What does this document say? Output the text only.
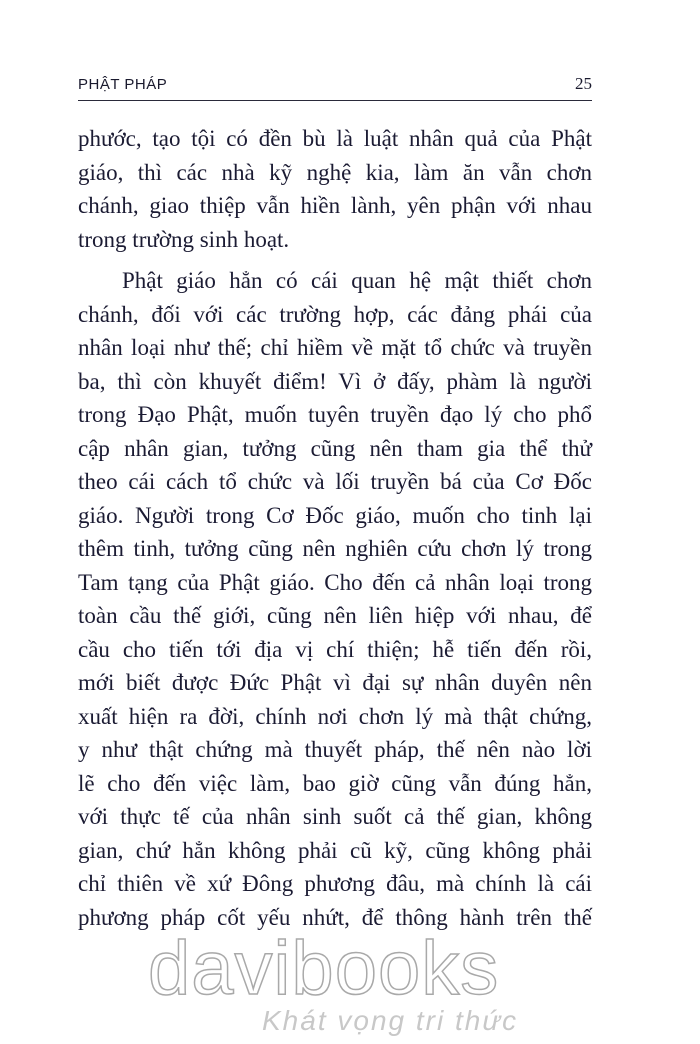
PHẬT PHÁP	25
phước, tạo tội có đền bù là luật nhân quả của Phật
giáo, thì các nhà kỹ nghệ kia, làm ăn vẫn chơn
chánh, giao thiệp vẫn hiền lành, yên phận với nhau
trong trường sinh hoạt.
Phật giáo hẳn có cái quan hệ mật thiết chơn
chánh, đối với các trường hợp, các đảng phái của
nhân loại như thế; chỉ hiềm về mặt tổ chức và truyền
ba, thì còn khuyết điểm! Vì ở đấy, phàm là người
trong Đạo Phật, muốn tuyên truyền đạo lý cho phổ
cập nhân gian, tưởng cũng nên tham gia thể thử
theo cái cách tổ chức và lối truyền bá của Cơ Đốc
giáo. Người trong Cơ Đốc giáo, muốn cho tinh lại
thêm tinh, tưởng cũng nên nghiên cứu chơn lý trong
Tam tạng của Phật giáo. Cho đến cả nhân loại trong
toàn cầu thế giới, cũng nên liên hiệp với nhau, để
cầu cho tiến tới địa vị chí thiện; hễ tiến đến rồi,
mới biết được Đức Phật vì đại sự nhân duyên nên
xuất hiện ra đời, chính nơi chơn lý mà thật chứng,
y như thật chứng mà thuyết pháp, thế nên nào lời
lẽ cho đến việc làm, bao giờ cũng vẫn đúng hẳn,
với thực tế của nhân sinh suốt cả thế gian, không
gian, chứ hẳn không phải cũ kỹ, cũng không phải
chỉ thiên về xứ Đông phương đâu, mà chính là cái
phương pháp cốt yếu nhứt, để thông hành trên thế
davibooks
Khát vọng tri thức
